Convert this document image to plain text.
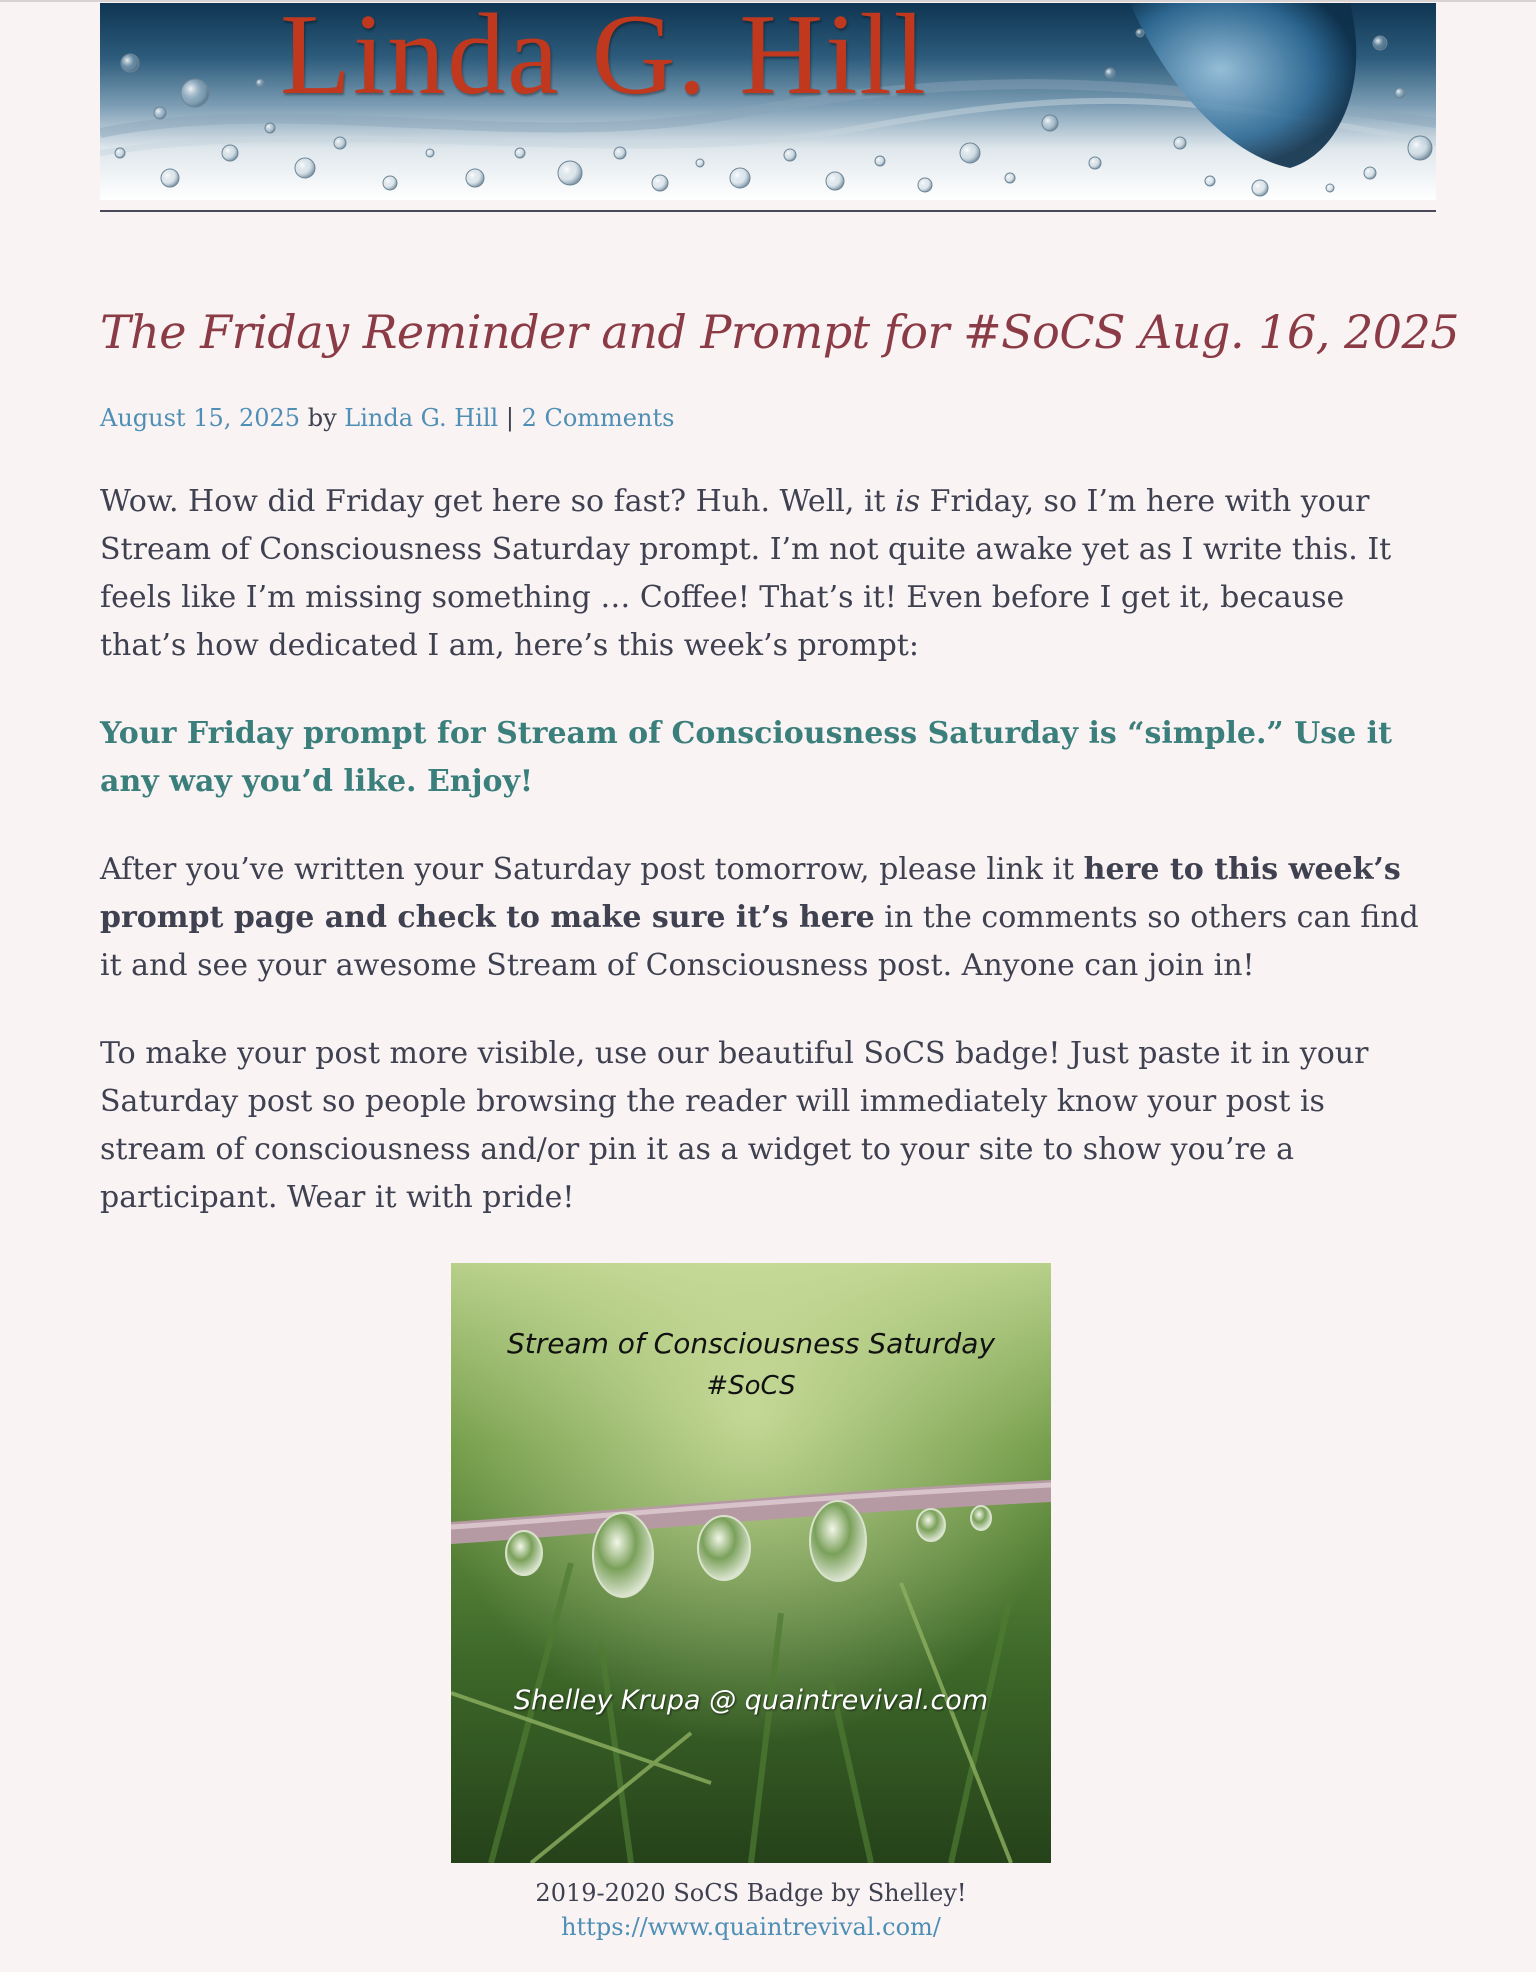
Linda G. Hill
The Friday Reminder and Prompt for #SoCS Aug. 16, 2025
August 15, 2025 by Linda G. Hill | 2 Comments

Wow. How did Friday get here so fast? Huh. Well, it is Friday, so I’m here with your Stream of Consciousness Saturday prompt. I’m not quite awake yet as I write this. It feels like I’m missing something … Coffee! That’s it! Even before I get it, because that’s how dedicated I am, here’s this week’s prompt:

Your Friday prompt for Stream of Consciousness Saturday is “simple.” Use it any way you’d like. Enjoy!

After you’ve written your Saturday post tomorrow, please link it here to this week’s prompt page and check to make sure it’s here in the comments so others can find it and see your awesome Stream of Consciousness post. Anyone can join in!

To make your post more visible, use our beautiful SoCS badge! Just paste it in your Saturday post so people browsing the reader will immediately know your post is stream of consciousness and/or pin it as a widget to your site to show you’re a participant. Wear it with pride!

Stream of Consciousness Saturday
#SoCS
Shelley Krupa @ quaintrevival.com
2019-2020 SoCS Badge by Shelley!
https://www.quaintrevival.com/
